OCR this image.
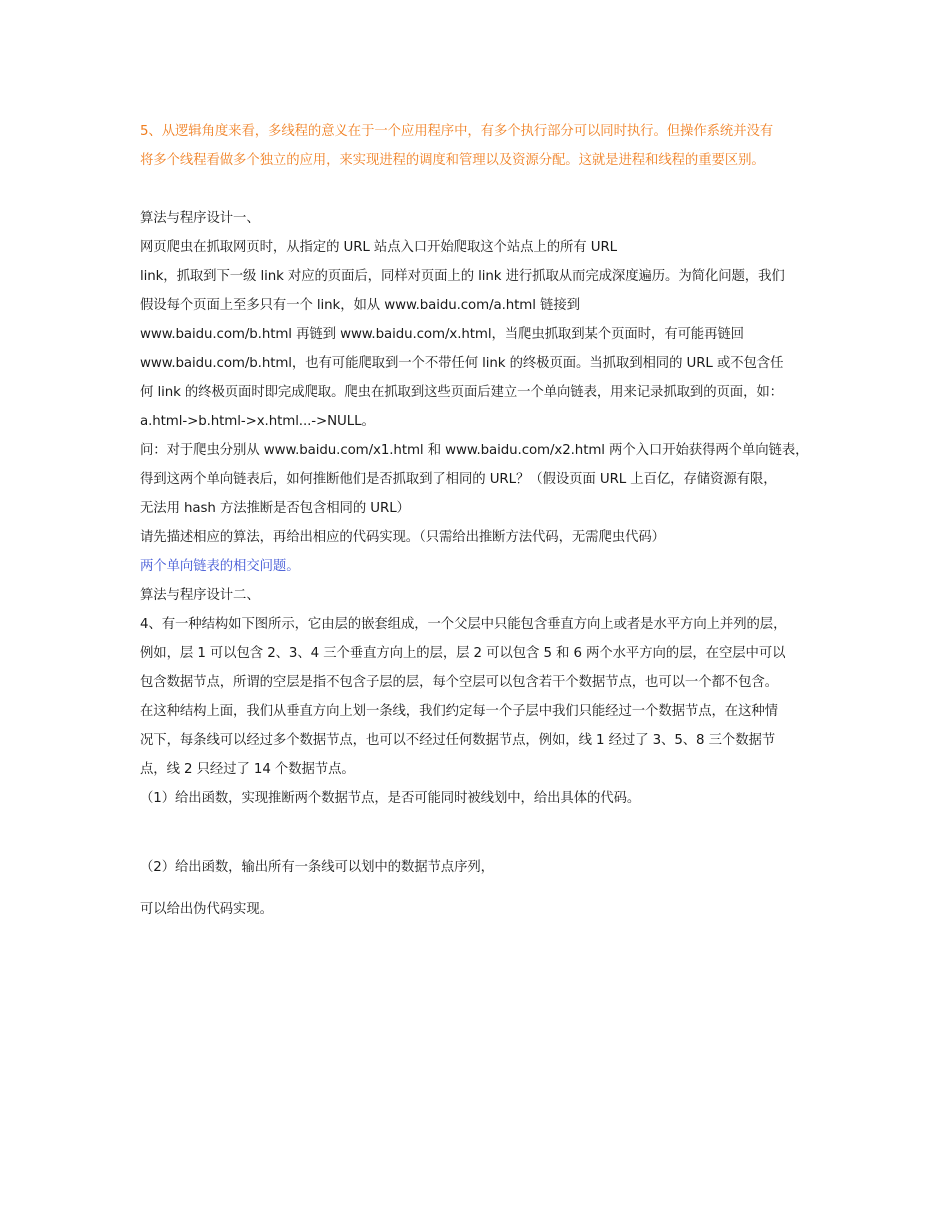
5、从逻辑角度来看，多线程的意义在于一个应用程序中，有多个执行部分可以同时执行。但操作系统并没有
将多个线程看做多个独立的应用，来实现进程的调度和管理以及资源分配。这就是进程和线程的重要区别。
算法与程序设计一、
网页爬虫在抓取网页时，从指定的 URL 站点入口开始爬取这个站点上的所有 URL
link，抓取到下一级 link 对应的页面后，同样对页面上的 link 进行抓取从而完成深度遍历。为简化问题，我们
假设每个页面上至多只有一个 link，如从 www.baidu.com/a.html 链接到
www.baidu.com/b.html 再链到 www.baidu.com/x.html，当爬虫抓取到某个页面时，有可能再链回
www.baidu.com/b.html，也有可能爬取到一个不带任何 link 的终极页面。当抓取到相同的 URL 或不包含任
何 link 的终极页面时即完成爬取。爬虫在抓取到这些页面后建立一个单向链表，用来记录抓取到的页面，如：
a.html->b.html->x.html...->NULL。
问：对于爬虫分别从 www.baidu.com/x1.html 和 www.baidu.com/x2.html 两个入口开始获得两个单向链表，
得到这两个单向链表后，如何推断他们是否抓取到了相同的 URL？（假设页面 URL 上百亿，存储资源有限，
无法用 hash 方法推断是否包含相同的 URL）
请先描述相应的算法，再给出相应的代码实现。（只需给出推断方法代码，无需爬虫代码）
两个单向链表的相交问题。
算法与程序设计二、
4、有一种结构如下图所示，它由层的嵌套组成，一个父层中只能包含垂直方向上或者是水平方向上并列的层，
例如，层 1 可以包含 2、3、4 三个垂直方向上的层，层 2 可以包含 5 和 6 两个水平方向的层，在空层中可以
包含数据节点，所谓的空层是指不包含子层的层，每个空层可以包含若干个数据节点，也可以一个都不包含。
在这种结构上面，我们从垂直方向上划一条线，我们约定每一个子层中我们只能经过一个数据节点，在这种情
况下，每条线可以经过多个数据节点，也可以不经过任何数据节点，例如，线 1 经过了 3、5、8 三个数据节
点，线 2 只经过了 14 个数据节点。
（1）给出函数，实现推断两个数据节点，是否可能同时被线划中，给出具体的代码。
（2）给出函数，输出所有一条线可以划中的数据节点序列，
可以给出伪代码实现。
